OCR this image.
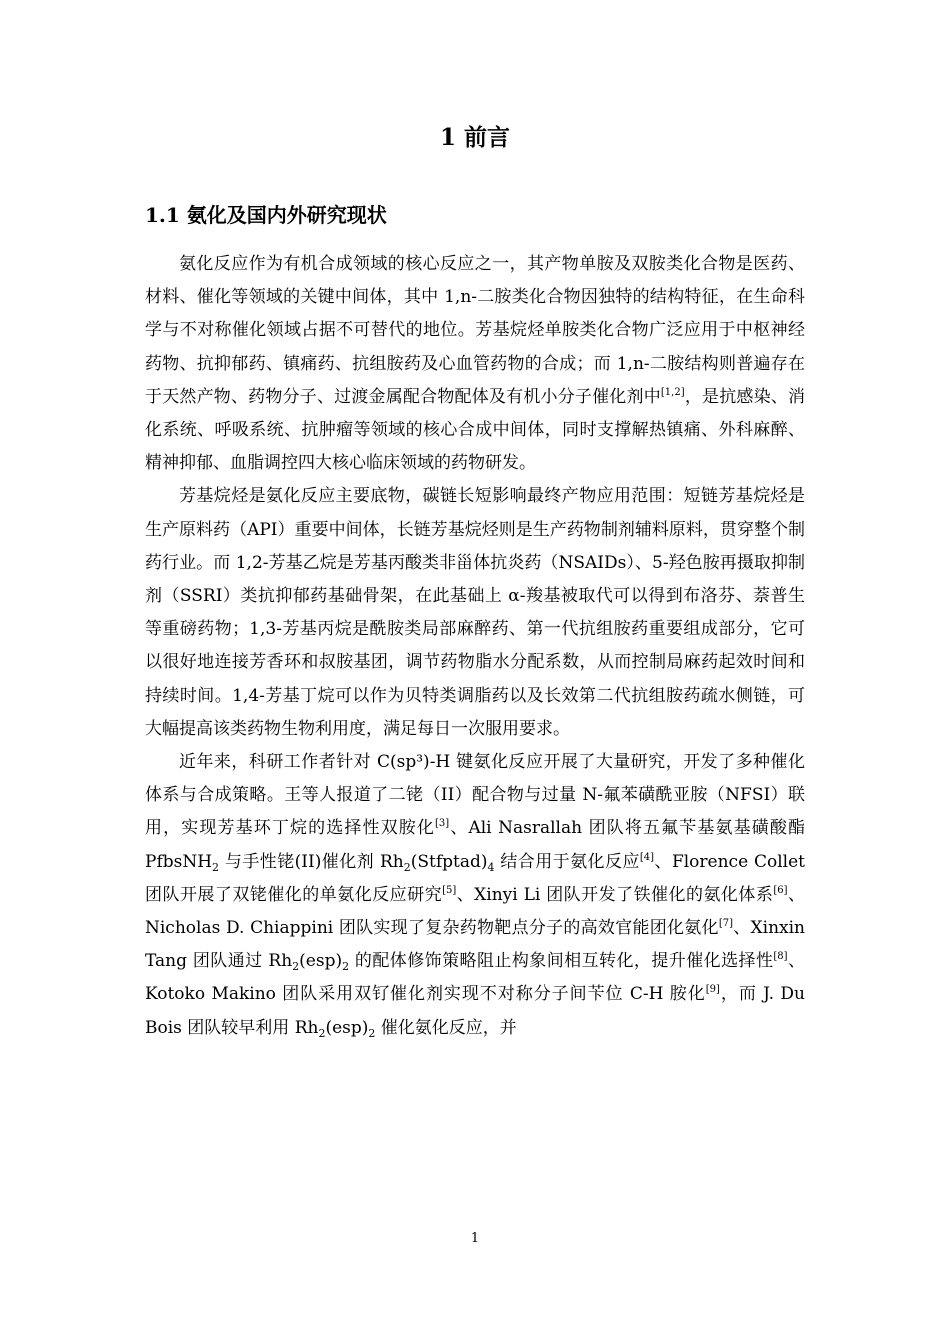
1 前言
1.1 氨化及国内外研究现状

氨化反应作为有机合成领域的核心反应之一，其产物单胺及双胺类化合物是医药、材料、催化等领域的关键中间体，其中 1,n-二胺类化合物因独特的结构特征，在生命科学与不对称催化领域占据不可替代的地位。芳基烷烃单胺类化合物广泛应用于中枢神经药物、抗抑郁药、镇痛药、抗组胺药及心血管药物的合成；而 1,n-二胺结构则普遍存在于天然产物、药物分子、过渡金属配合物配体及有机小分子催化剂中[1,2]，是抗感染、消化系统、呼吸系统、抗肿瘤等领域的核心合成中间体，同时支撑解热镇痛、外科麻醉、精神抑郁、血脂调控四大核心临床领域的药物研发。

芳基烷烃是氨化反应主要底物，碳链长短影响最终产物应用范围：短链芳基烷烃是生产原料药（API）重要中间体，长链芳基烷烃则是生产药物制剂辅料原料，贯穿整个制药行业。而 1,2-芳基乙烷是芳基丙酸类非甾体抗炎药（NSAIDs）、5-羟色胺再摄取抑制剂（SSRI）类抗抑郁药基础骨架，在此基础上 α-羧基被取代可以得到布洛芬、萘普生等重磅药物；1,3-芳基丙烷是酰胺类局部麻醉药、第一代抗组胺药重要组成部分，它可以很好地连接芳香环和叔胺基团，调节药物脂水分配系数，从而控制局麻药起效时间和持续时间。1,4-芳基丁烷可以作为贝特类调脂药以及长效第二代抗组胺药疏水侧链，可大幅提高该类药物生物利用度，满足每日一次服用要求。

近年来，科研工作者针对 C(sp³)-H 键氨化反应开展了大量研究，开发了多种催化体系与合成策略。王等人报道了二铑（II）配合物与过量 N-氟苯磺酰亚胺（NFSI）联用，实现芳基环丁烷的选择性双胺化[3]、Ali Nasrallah 团队将五氟苄基氨基磺酸酯 PfbsNH$_2$ 与手性铑(II)催化剂 $Rh_2(Stfptad)_4$ 结合用于氨化反应[4]、Florence Collet 团队开展了双铑催化的单氨化反应研究[5]、Xinyi Li 团队开发了铁催化的氨化体系[6]、Nicholas D. Chiappini 团队实现了复杂药物靶点分子的高效官能团化氨化[7]、Xinxin Tang 团队通过 $Rh_2(esp)_2$ 的配体修饰策略阻止构象间相互转化，提升催化选择性[8]、Kotoko Makino 团队采用双钌催化剂实现不对称分子间苄位 C-H 胺化[9]，而 J. Du Bois 团队较早利用 $Rh_2(esp)_2$ 催化氨化反应，并

1
